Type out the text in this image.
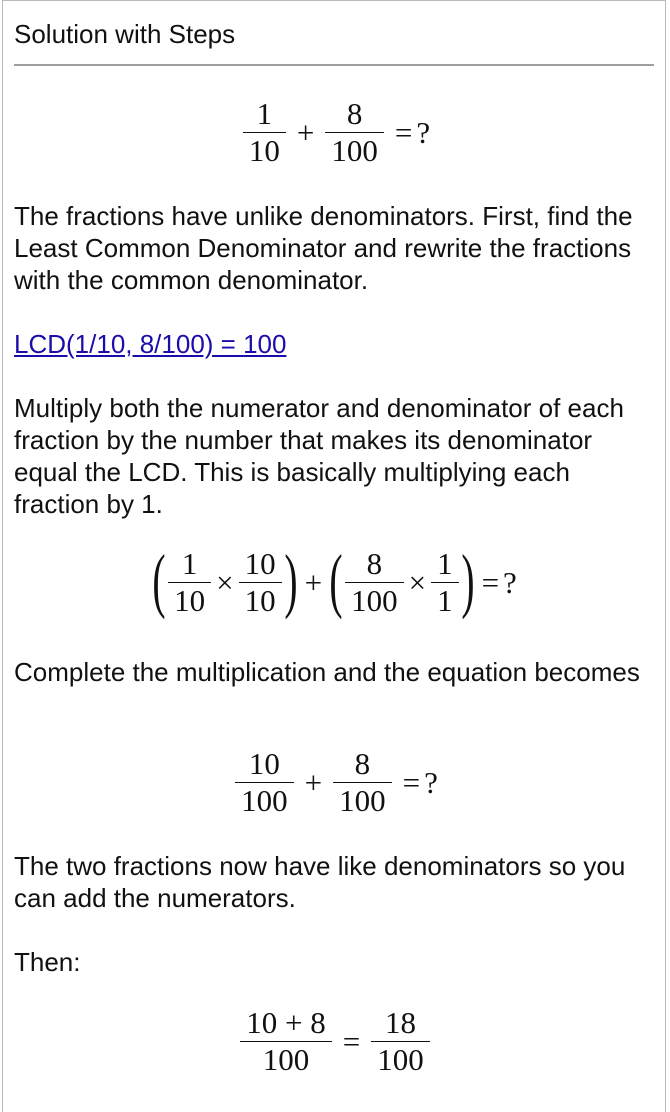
Solution with Steps
$\frac{1}{10} + \frac{8}{100}$ = ?
The fractions have unlike denominators. First, find the Least Common Denominator and rewrite the fractions with the common denominator.
LCD(1/10, 8/100) = 100
Multiply both the numerator and denominator of each fraction by the number that makes its denominator equal the LCD. This is basically multiplying each fraction by 1.
( $\frac{1}{10} \times \frac{10}{10}$ ) + ( $\frac{8}{100} \times \frac{1}{1}$ ) = ?
Complete the multiplication and the equation becomes
$\frac{10}{100} + \frac{8}{100}$ = ?
The two fractions now have like denominators so you can add the numerators.
Then:
$\frac{10 + 8}{100} = \frac{18}{100}$
